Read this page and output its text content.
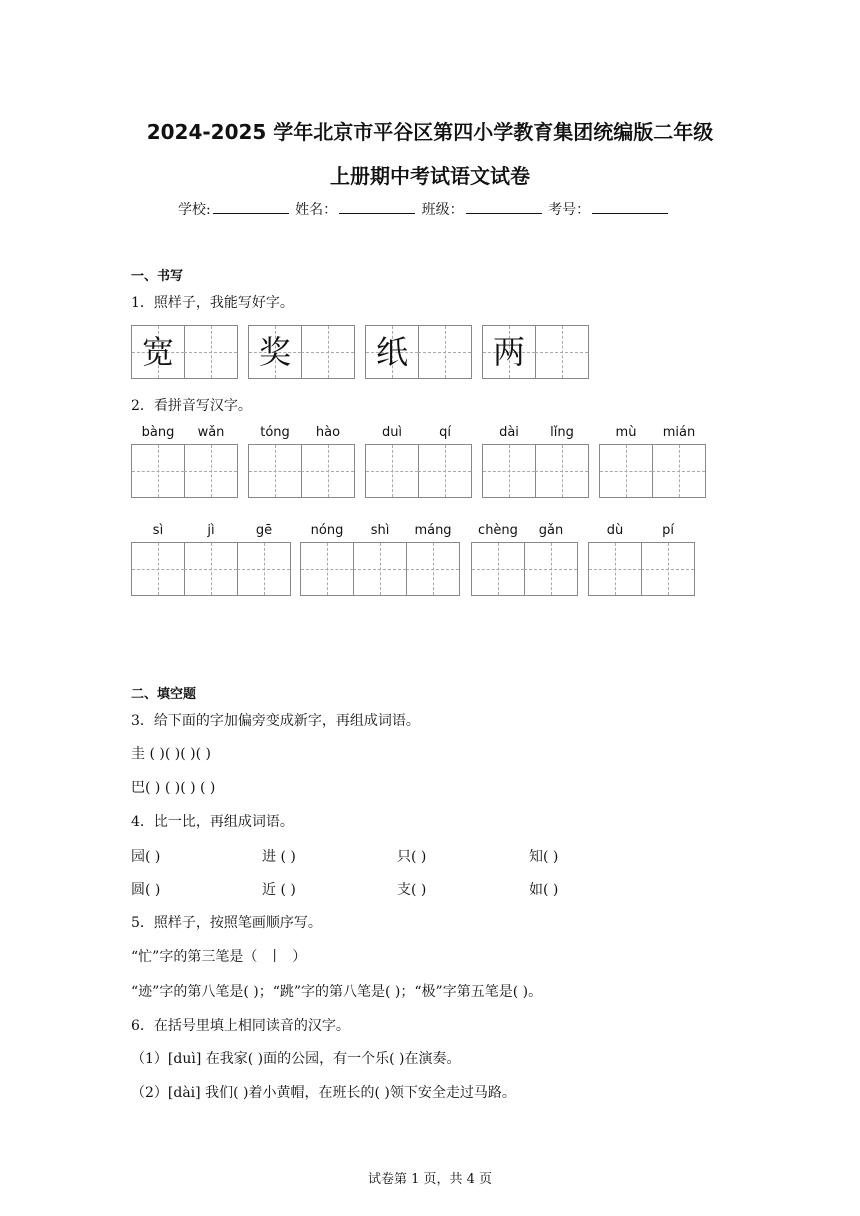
2024-2025 学年北京市平谷区第四小学教育集团统编版二年级
上册期中考试语文试卷
学校:	姓名：	班级：	考号：
一、书写
1．照样子，我能写好字。
宽	奖	纸	两
2．看拼音写汉字。
bàng	wǎn	tóng	hào	duì	qí	dài	lǐng	mù	mián
sì	jì	gē	nóng	shì	máng	chèng	gǎn	dù	pí
二、填空题
3．给下面的字加偏旁变成新字，再组成词语。
圭 ( )( )( )( )
巴( ) ( )( ) ( )
4．比一比，再组成词语。
园( )	进 ( )	只( )	知( )
圆( )	近 ( )	支( )	如( )
5．照样子，按照笔画顺序写。
“忙”字的第三笔是（ 丨 ）
“迹”字的第八笔是( )；“跳”字的第八笔是( )；“极”字第五笔是( )。
6．在括号里填上相同读音的汉字。
（1）[duì] 在我家( )面的公园，有一个乐( )在演奏。
（2）[dài] 我们( )着小黄帽，在班长的( )领下安全走过马路。
试卷第 1 页，共 4 页
